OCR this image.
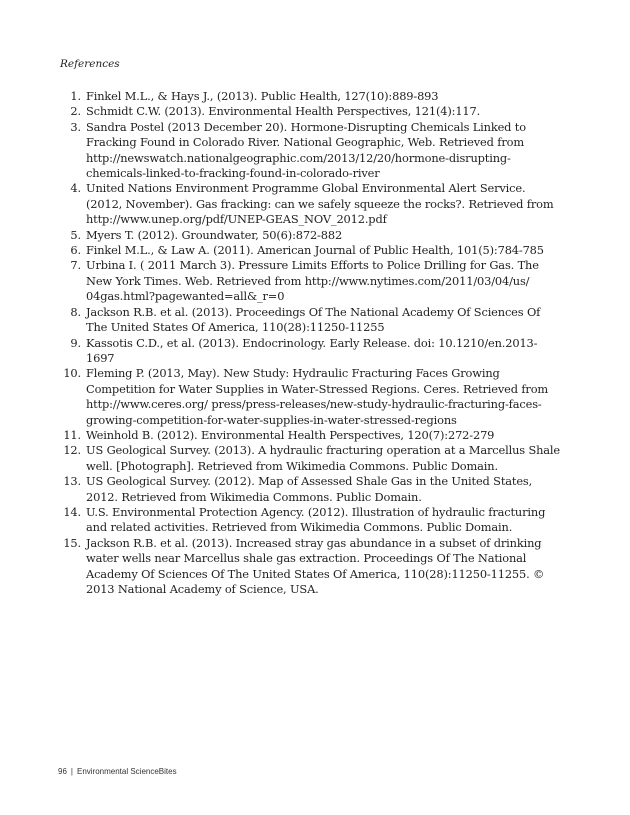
References
1. Finkel M.L., & Hays J., (2013). Public Health, 127(10):889-893
2. Schmidt C.W. (2013). Environmental Health Perspectives, 121(4):117.
3. Sandra Postel (2013 December 20). Hormone-Disrupting Chemicals Linked to Fracking Found in Colorado River. National Geographic, Web. Retrieved from http://newswatch.nationalgeographic.com/2013/12/20/hormone-disrupting-chemicals-linked-to-fracking-found-in-colorado-river
4. United Nations Environment Programme Global Environmental Alert Service. (2012, November). Gas fracking: can we safely squeeze the rocks?. Retrieved from http://www.unep.org/pdf/UNEP-GEAS_NOV_2012.pdf
5. Myers T. (2012). Groundwater, 50(6):872-882
6. Finkel M.L., & Law A. (2011). American Journal of Public Health, 101(5):784-785
7. Urbina I. ( 2011 March 3). Pressure Limits Efforts to Police Drilling for Gas. The New York Times. Web. Retrieved from http://www.nytimes.com/2011/03/04/us/ 04gas.html?pagewanted=all&_r=0
8. Jackson R.B. et al. (2013). Proceedings Of The National Academy Of Sciences Of The United States Of America, 110(28):11250-11255
9. Kassotis C.D., et al. (2013). Endocrinology. Early Release. doi: 10.1210/en.2013-1697
10. Fleming P. (2013, May). New Study: Hydraulic Fracturing Faces Growing Competition for Water Supplies in Water-Stressed Regions. Ceres. Retrieved from http://www.ceres.org/ press/press-releases/new-study-hydraulic-fracturing-faces-growing-competition-for-water-supplies-in-water-stressed-regions
11. Weinhold B. (2012). Environmental Health Perspectives, 120(7):272-279
12. US Geological Survey. (2013). A hydraulic fracturing operation at a Marcellus Shale well. [Photograph]. Retrieved from Wikimedia Commons. Public Domain.
13. US Geological Survey. (2012). Map of Assessed Shale Gas in the United States, 2012. Retrieved from Wikimedia Commons. Public Domain.
14. U.S. Environmental Protection Agency. (2012). Illustration of hydraulic fracturing and related activities. Retrieved from Wikimedia Commons. Public Domain.
15. Jackson R.B. et al. (2013). Increased stray gas abundance in a subset of drinking water wells near Marcellus shale gas extraction. Proceedings Of The National Academy Of Sciences Of The United States Of America, 110(28):11250-11255. © 2013 National Academy of Science, USA.
96 | Environmental ScienceBites
